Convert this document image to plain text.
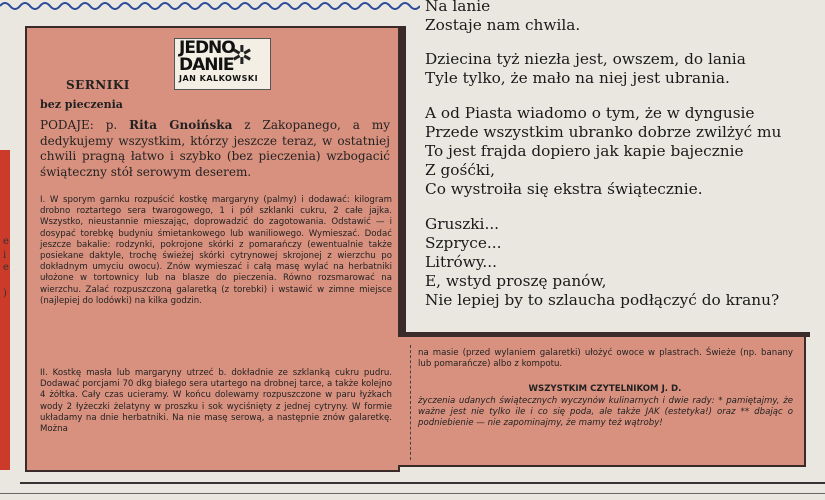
e
i
e
)
JEDNO
DANIE
✲
JAN KALKOWSKI
SERNIKI
bez pieczenia
PODAJE: p. Rita Gnoińska z Zakopanego, a my dedykujemy wszystkim, którzy jeszcze teraz, w ostatniej chwili pragną łatwo i szybko (bez pieczenia) wzbogacić świąteczny stół serowym deserem.
I. W sporym garnku rozpuścić kostkę margaryny (palmy) i dodawać: kilogram drobno roztartego sera twarogowego, 1 i pół szklanki cukru, 2 całe jajka. Wszystko, nieustannie mieszając, doprowadzić do zagotowania. Odstawić — i dosypać torebkę budyniu śmietankowego lub waniliowego. Wymieszać. Dodać jeszcze bakalie: rodzynki, pokrojone skórki z pomarańczy (ewentualnie także posiekane daktyle, trochę świeżej skórki cytrynowej skrojonej z wierzchu po dokładnym umyciu owocu). Znów wymieszać i całą masę wylać na herbatniki ułożone w tortownicy lub na blasze do pieczenia. Równo rozsmarować na wierzchu. Zalać rozpuszczoną galaretką (z torebki) i wstawić w zimne miejsce (najlepiej do lodówki) na kilka godzin.
II. Kostkę masła lub margaryny utrzeć b. dokładnie ze szklanką cukru pudru. Dodawać porcjami 70 dkg białego sera utartego na drobnej tarce, a także kolejno 4 żółtka. Cały czas ucieramy. W końcu dolewamy rozpuszczone w paru łyżkach wody 2 łyżeczki żelatyny w proszku i sok wyciśnięty z jednej cytryny. W formie układamy na dnie herbatniki. Na nie masę serową, a następnie znów galaretkę. Można
na masie (przed wylaniem galaretki) ułożyć owoce w plastrach. Świeże (np. banany lub pomarańcze) albo z kompotu.
WSZYSTKIM CZYTELNIKOM J. D.
życzenia udanych świątecznych wyczynów kulinarnych i dwie rady: * pamiętajmy, że ważne jest nie tylko ile i co się poda, ale także JAK (estetyka!) oraz ** dbając o podniebienie — nie zapominajmy, że mamy też wątroby!
Na lanie
Zostaje nam chwila.
Dziecina tyż niezła jest, owszem, do lania
Tyle tylko, że mało na niej jest ubrania.
A od Piasta wiadomo o tym, że w dyngusie
Przede wszystkim ubranko dobrze zwilżyć mu
To jest frajda dopiero jak kapie bajecznie
Z gośćki,
Co wystroiła się ekstra świątecznie.
Gruszki...
Szpryce...
Litrówy...
E, wstyd proszę panów,
Nie lepiej by to szlaucha podłączyć do kranu?
